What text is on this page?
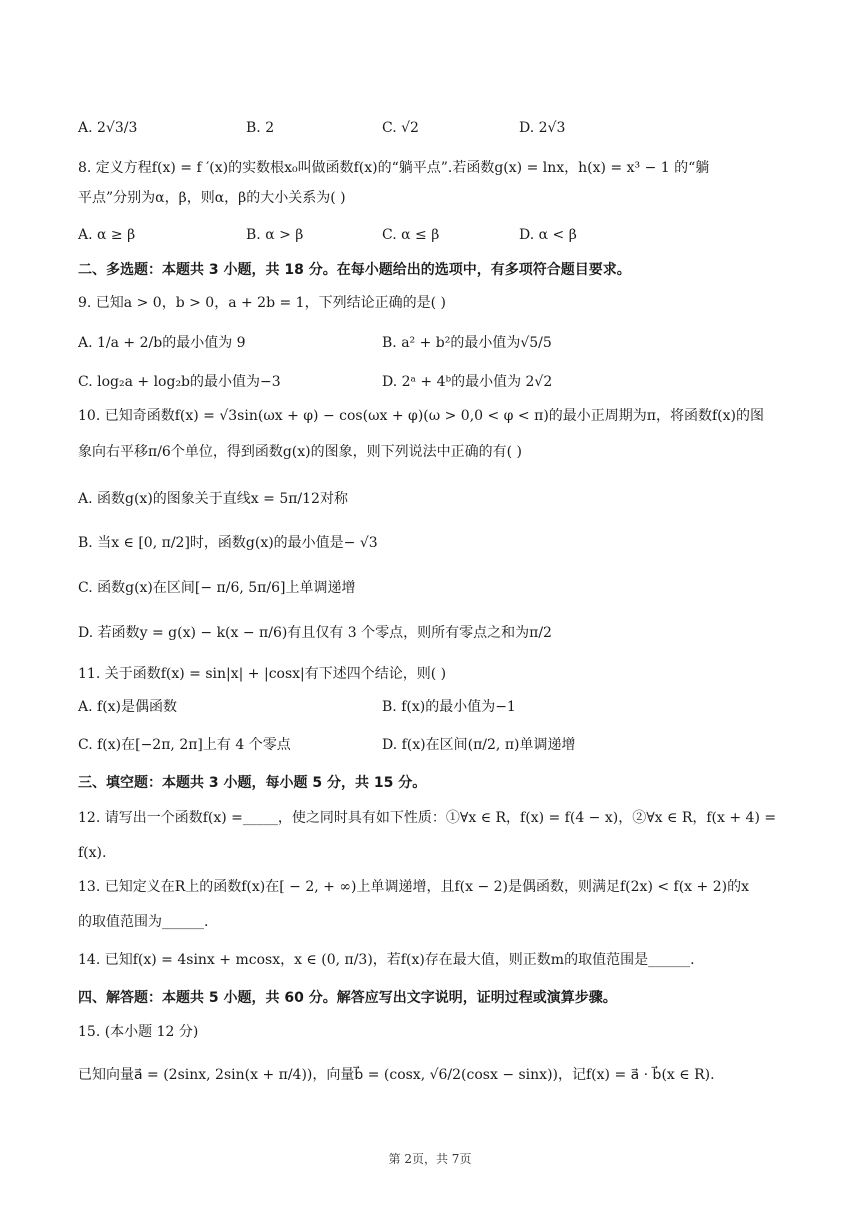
A. 2√3/3	B. 2	C. √2	D. 2√3
8. 定义方程f(x) = f ′(x)的实数根x₀叫做函数f(x)的“躺平点”.若函数g(x) = lnx，h(x) = x³ − 1 的“躺
平点”分别为α，β，则α，β的大小关系为( )
A. α ≥ β	B. α > β	C. α ≤ β	D. α < β
二、多选题：本题共 3 小题，共 18 分。在每小题给出的选项中，有多项符合题目要求。
9. 已知a > 0，b > 0，a + 2b = 1，下列结论正确的是( )
A. 1/a + 2/b的最小值为 9	B. a² + b²的最小值为√5/5
C. log₂a + log₂b的最小值为−3	D. 2ᵃ + 4ᵇ的最小值为 2√2
10. 已知奇函数f(x) = √3sin(ωx + φ) − cos(ωx + φ)(ω > 0,0 < φ < π)的最小正周期为π，将函数f(x)的图
象向右平移π/6个单位，得到函数g(x)的图象，则下列说法中正确的有( )
A. 函数g(x)的图象关于直线x = 5π/12对称
B. 当x ∈ [0, π/2]时，函数g(x)的最小值是− √3
C. 函数g(x)在区间[− π/6, 5π/6]上单调递增
D. 若函数y = g(x) − k(x − π/6)有且仅有 3 个零点，则所有零点之和为π/2
11. 关于函数f(x) = sin|x| + |cosx|有下述四个结论，则( )
A. f(x)是偶函数	B. f(x)的最小值为−1
C. f(x)在[−2π, 2π]上有 4 个零点	D. f(x)在区间(π/2, π)单调递增
三、填空题：本题共 3 小题，每小题 5 分，共 15 分。
12. 请写出一个函数f(x) =_____，使之同时具有如下性质：①∀x ∈ R，f(x) = f(4 − x)，②∀x ∈ R，f(x + 4) =
f(x).
13. 已知定义在R上的函数f(x)在[ − 2, + ∞)上单调递增，且f(x − 2)是偶函数，则满足f(2x) < f(x + 2)的x
的取值范围为______.
14. 已知f(x) = 4sinx + mcosx，x ∈ (0, π/3)，若f(x)存在最大值，则正数m的取值范围是______.
四、解答题：本题共 5 小题，共 60 分。解答应写出文字说明，证明过程或演算步骤。
15. (本小题 12 分)
已知向量a⃗ = (2sinx, 2sin(x + π/4))，向量b⃗ = (cosx, √6/2(cosx − sinx))，记f(x) = a⃗ · b⃗(x ∈ R).
第 2页，共 7页
